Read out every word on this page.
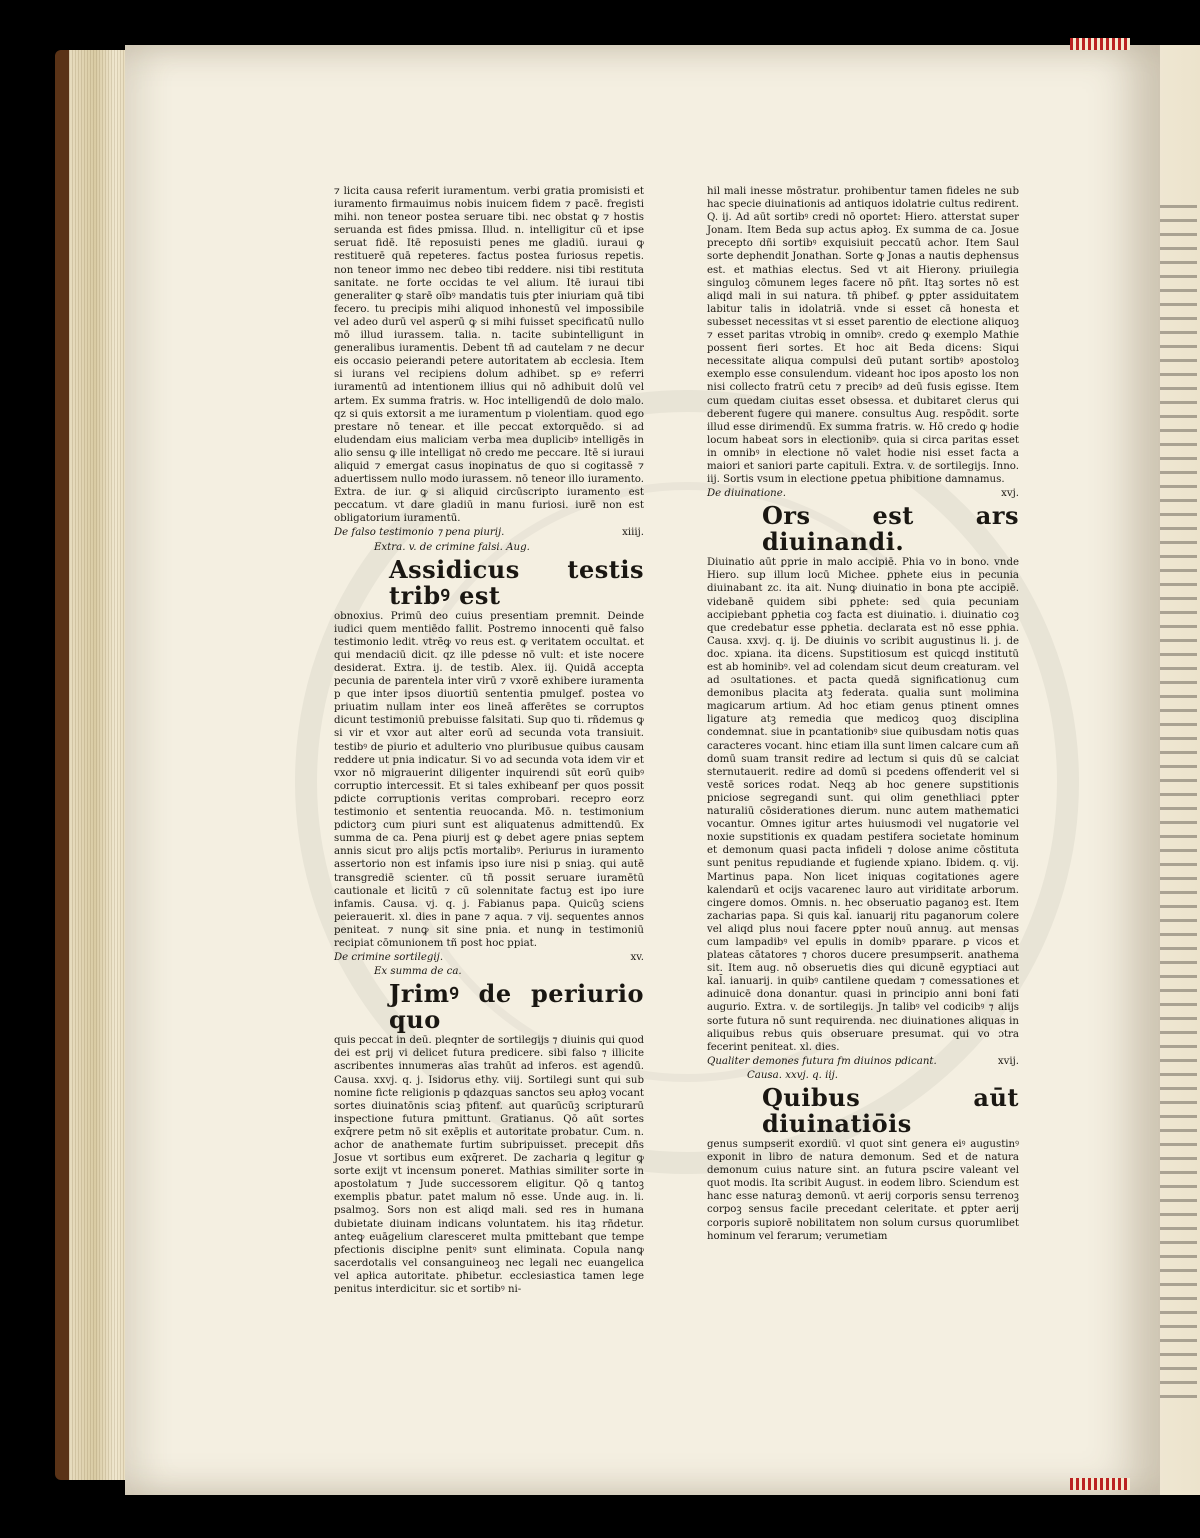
⁊ licita causa referit iuramentum. verbi gratia promisisti et iuramento firmauimus nobis inuicem fidem ⁊ pacē. fregisti mihi. non teneor postea seruare tibi. nec obstat ꝙ ⁊ hostis seruanda est fides pmissa. Illud. n. intelligitur cū et ipse seruat fidē. Itē reposuisti penes me gladiū. iuraui ꝙ restituerē quā repeteres. factus postea furiosus repetis. non teneor immo nec debeo tibi reddere. nisi tibi restituta sanitate. ne forte occidas te vel alium. Itē iuraui tibi generaliter ꝙ starē oībꝰ mandatis tuis ꝑter iniuriam quā tibi fecero. tu precipis mihi aliquod inhonestū vel impossibile vel adeo durū vel asperū ꝙ si mihi fuisset specificatū nullo mō illud iurassem. talia. n. tacite subintelligunt in generalibus iuramentis. Debent tñ ad cautelam ⁊ ne decur eis occasio peierandi petere autoritatem ab ecclesia. Item si iurans vel recipiens dolum adhibet. sp eꝰ referri iuramentū ad intentionem illius qui nō adhibuit dolū vel artem. Ex summa fratris. w. Hoc intelligendū de dolo malo. qz si quis extorsit a me iuramentum p violentiam. quod ego prestare nō tenear. et ille peccat extorquēdo. si ad eludendam eius maliciam verba mea duplicibꝰ intelligēs in alio sensu ꝙ ille intelligat nō credo me peccare. Itē si iuraui aliquid ⁊ emergat casus inopinatus de quo si cogitassē ⁊ aduertissem nullo modo iurassem. nō teneor illo iuramento. Extra. de iur. ꝙ si aliquid circūscripto iuramento est peccatum. vt dare gladiū in manu furiosi. iurē non est obligatorium iuramentū.

xiiij.
De falso testimonio ⁊ pena piurij.
Extra. v. de crimine falsi. Aug.
Assidicus testis tribꝰ est

obnoxius. Primū deo cuius presentiam premnit. Deinde iudici quem mentiēdo fallit. Postremo innocenti quē falso testimonio ledit. vtrẽꝙ vo reus est. ꝙ veritatem occultat. et qui mendaciū dicit. qz ille pdesse nō vult: et iste nocere desiderat. Extra. ij. de testib. Alex. iij. Quidā accepta pecunia de parentela inter virū ⁊ vxorē exhibere iuramenta p que inter ipsos diuortiū sententia pmulgef. postea vo priuatim nullam inter eos lineā afferētes se corruptos dicunt testimoniū prebuisse falsitati. Sup quo ti. rñdemus ꝙ si vir et vxor aut alter eorū ad secunda vota transiuit. testibꝰ de piurio et adulterio vno pluribusue quibus causam reddere ut pnia indicatur. Si vo ad secunda vota idem vir et vxor nō migrauerint diligenter inquirendi sūt eorū quibꝰ corruptio intercessit. Et si tales exhibeanf per quos possit pdicte corruptionis veritas comprobari. recepro eorz testimonio et sententia reuocanda. Mō. n. testimonium pdictorꝫ cum piuri sunt est aliquatenus admittendū. Ex summa de ca. Pena piurij est ꝙ debet agere pnias septem annis sicut pro alijs pctīs mortalibꝰ. Periurus in iuramento assertorio non est infamis ipso iure nisi p sniaꝫ. qui autē transgrediē scienter. cū tñ possit seruare iuramētū cautionale et licitū ⁊ cū solennitate factuꝫ est ipo iure infamis. Causa. vj. q. j. Fabianus papa. Quicūꝫ sciens peierauerit. xl. dies in pane ⁊ aqua. ⁊ vij. sequentes annos peniteat. ⁊ nunꝙ sit sine pnia. et nunꝙ in testimoniū recipiat cōmunionem tñ post hoc ppiat.

xv.
De crimine sortilegij.
Ex summa de ca.
Jrimꝰ de periurio quo

quis peccat in deū. pleqnter de sortilegijs ⁊ diuinis qui quod dei est ꝑrij vi delicet futura predicere. sibi falso ⁊ illicite ascribentes innumeras aīas trahūt ad inferos. est agendū. Causa. xxvj. q. j. Isidorus ethy. viij. Sortilegi sunt qui sub nomine ficte religionis p qdazquas sanctos seu apłoꝫ vocant sortes diuinatōnis sciaꝫ pfitenf. aut quarūcūꝫ scripturarū inspectione futura pmittunt. Gratianus. Qō aūt sortes exq̄rere petm nō sit exēplis et autoritate probatur. Cum. n. achor de anathemate furtim subripuisset. precepit dñs Josue vt sortibus eum exq̄reret. De zacharia ꝗ legitur ꝙ sorte exijt vt incensum poneret. Mathias similiter sorte in apostolatum ⁊ Jude successorem eligitur. Qō ꝗ tantoꝫ exemplis pbatur. patet malum nō esse. Unde aug. in. li. psalmoꝫ. Sors non est aliqd mali. sed res in humana dubietate diuinam indicans voluntatem. his itaꝫ rñdetur. anteꝙ euāgelium claresceret multa pmittebant que tempe pfectionis disciplne penitꝰ sunt eliminata. Copula nanꝙ sacerdotalis vel consanguineoꝫ nec legali nec euangelica vel apłica autoritate. pħibetur. ecclesiastica tamen lege penitus interdicitur. sic et sortibꝰ ni-

hil mali inesse mōstratur. prohibentur tamen fideles ne sub hac specie diuinationis ad antiquos idolatrie cultus redirent. Q. ij. Ad aūt sortibꝰ credi nō oportet: Hiero. atterstat super Jonam. Item Beda sup actus apłoꝫ. Ex summa de ca. Josue precepto dñi sortibꝰ exquisiuit peccatū achor. Item Saul sorte dephendit Jonathan. Sorte ꝙ Jonas a nautis dephensus est. et mathias electus. Sed vt ait Hierony. priuilegia singuloꝫ cōmunem leges facere nō pñt. Itaꝫ sortes nō est aliqd mali in sui natura. tñ phibef. ꝙ ꝑpter assiduitatem labitur talis in idolatriā. vnde si esset cā honesta et subesset necessitas vt si esset parentio de electione aliquoꝫ ⁊ esset paritas vtrobiꝗ in omnibꝰ. credo ꝙ exemplo Mathie possent fieri sortes. Et hoc ait Beda dicens: Siqui necessitate aliqua compulsi deū putant sortibꝰ apostoloꝫ exemplo esse consulendum. videant hoc ipos aposto los non nisi collecto fratrū cetu ⁊ precibꝰ ad deū fusis egisse. Item cum quedam ciuitas esset obsessa. et dubitaret clerus qui deberent fugere qui manere. consultus Aug. respōdit. sorte illud esse dirimendū. Ex summa fratris. w. Hō credo ꝙ hodie locum habeat sors in electionibꝰ. quia si circa paritas esset in omnibꝰ in electione nō valet hodie nisi esset facta a maiori et saniori parte capituli. Extra. v. de sortilegijs. Inno. iij. Sortis vsum in electione ꝑpetua phibitione damnamus.

xvj.
De diuinatione.
Ors est ars diuinandi.

Diuinatio aūt ꝑprie in malo accipiē. Phia vo in bono. vnde Hiero. sup illum locū Michee. ꝑphete eius in pecunia diuinabant zc. ita ait. Nunꝙ diuinatio in bona pte accipiē. videbanē quidem sibi ꝑphete: sed quia pecuniam accipiebant ꝑphetia coꝫ facta est diuinatio. i. diuinatio coꝫ que credebatur esse ꝑphetia. declarata est nō esse ꝑphia. Causa. xxvj. q. ij. De diuinis vo scribit augustinus li. j. de doc. xpiana. ita dicens. Supstitiosum est quicqd institutū est ab hominibꝰ. vel ad colendam sicut deum creaturam. vel ad ɔsultationes. et pacta quedā significationuꝫ cum demonibus placita atꝫ federata. qualia sunt molimina magicarum artium. Ad hoc etiam genus ptinent omnes ligature atꝫ remedia que medicoꝫ quoꝫ disciplina condemnat. siue in pcantationibꝰ siue quibusdam notis quas caracteres vocant. hinc etiam illa sunt limen calcare cum añ domū suam transit redire ad lectum si quis dū se calciat sternutauerit. redire ad domū si pcedens offenderit vel si vestē sorices rodat. Neqꝫ ab hoc genere supstitionis pniciose segregandi sunt. qui olim genethliaci ꝑpter naturaliū cōsiderationes dierum. nunc autem mathematici vocantur. Omnes igitur artes huiusmodi vel nugatorie vel noxie supstitionis ex quadam pestifera societate hominum et demonum quasi pacta infideli ⁊ dolose anime cōstituta sunt penitus repudiande et fugiende xpiano. Ibidem. q. vij. Martinus papa. Non licet iniquas cogitationes agere kalendarū et ocijs vacarenec lauro aut viriditate arborum. cingere domos. Omnis. n. hec obseruatio paganoꝫ est. Item zacharias papa. Si quis kal̄. ianuarij ritu paganorum colere vel aliqd plus noui facere ꝑpter nouū annuꝫ. aut mensas cum lampadibꝰ vel epulis in domibꝰ pparare. ꝑ vicos et plateas cātatores ⁊ choros ducere presumpserit. anathema sit. Item aug. nō obseruetis dies qui dicunē egyptiaci aut kal̄. ianuarij. in quibꝰ cantilene quedam ⁊ comessationes et adinuicē dona donantur. quasi in principio anni boni fati augurio. Extra. v. de sortilegijs. Jn talibꝰ vel codicibꝰ ⁊ alijs sorte futura nō sunt requirenda. nec diuinationes aliquas in aliquibus rebus quis obseruare presumat. qui vo ɔtra fecerint peniteat. xl. dies.

xvij.
Qualiter demones futura fm diuinos pdicant.
Causa. xxvj. q. iij.
Quibus aūt diuinatiōis

genus sumpserit exordiū. vl quot sint genera eiꝰ augustinꝰ exponit in libro de natura demonum. Sed et de natura demonum cuius nature sint. an futura pscire valeant vel quot modis. Ita scribit August. in eodem libro. Sciendum est hanc esse naturaꝫ demonū. vt aerij corporis sensu terrenoꝫ corpoꝫ sensus facile precedant celeritate. et ꝑpter aerij corporis supiorē nobilitatem non solum cursus quorumlibet hominum vel ferarum; verumetiam
